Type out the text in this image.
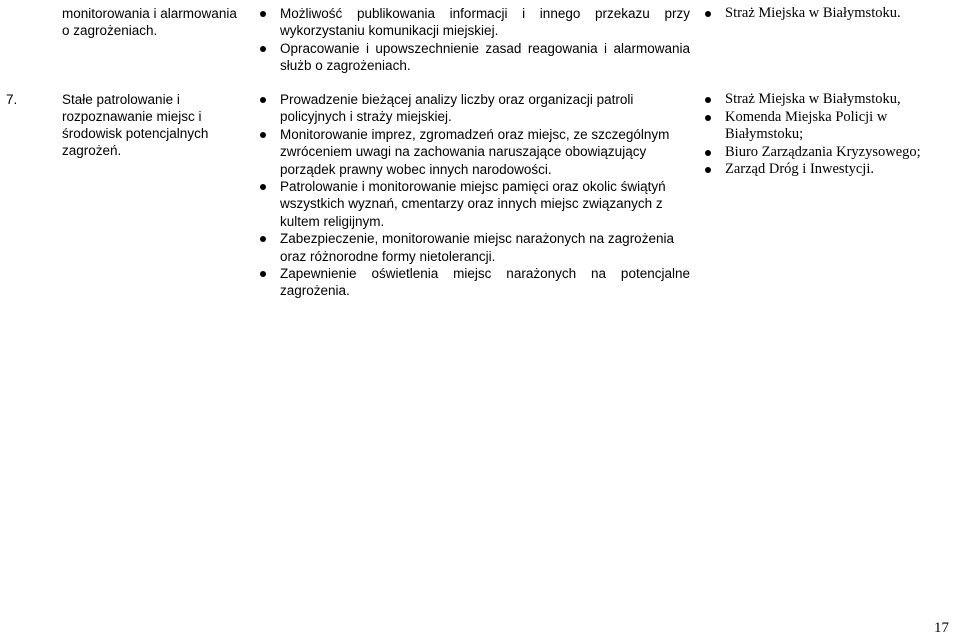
monitorowania i alarmowania o zagrożeniach.
Możliwość publikowania informacji i innego przekazu przy wykorzystaniu komunikacji miejskiej.
Opracowanie i upowszechnienie zasad reagowania i alarmowania służb o zagrożeniach.
Straż Miejska w Białymstoku.
7.	Stałe patrolowanie i rozpoznawanie miejsc i środowisk potencjalnych zagrożeń.
Prowadzenie bieżącej analizy liczby oraz organizacji patroli policyjnych i straży miejskiej.
Monitorowanie imprez, zgromadzeń oraz miejsc, ze szczególnym zwróceniem uwagi na zachowania naruszające obowiązujący porządek prawny wobec innych narodowości.
Patrolowanie i monitorowanie miejsc pamięci oraz okolic świątyń wszystkich wyznań, cmentarzy oraz innych miejsc związanych z kultem religijnym.
Zabezpieczenie, monitorowanie miejsc narażonych na zagrożenia oraz różnorodne formy nietolerancji.
Zapewnienie oświetlenia miejsc narażonych na potencjalne zagrożenia.
Straż Miejska w Białymstoku,
Komenda Miejska Policji w Białymstoku;
Biuro Zarządzania Kryzysowego;
Zarząd Dróg i Inwestycji.
17
